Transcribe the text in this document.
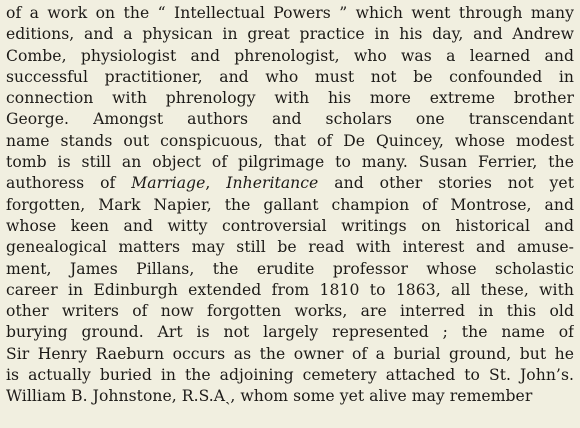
of a work on the “ Intellectual Powers ” which went through many
editions, and a physican in great practice in his day, and Andrew
Combe, physiologist and phrenologist, who was a learned and
successful practitioner, and who must not be confounded in
connection with phrenology with his more extreme brother
George. Amongst authors and scholars one transcendant
name stands out conspicuous, that of De Quincey, whose modest
tomb is still an object of pilgrimage to many. Susan Ferrier, the
authoress of Marriage, Inheritance and other stories not yet
forgotten, Mark Napier, the gallant champion of Montrose, and
whose keen and witty controversial writings on historical and
genealogical matters may still be read with interest and amuse-
ment, James Pillans, the erudite professor whose scholastic
career in Edinburgh extended from 1810 to 1863, all these, with
other writers of now forgotten works, are interred in this old
burying ground. Art is not largely represented ; the name of
Sir Henry Raeburn occurs as the owner of a burial ground, but he
is actually buried in the adjoining cemetery attached to St. John’s.
William B. Johnstone, R.S.Aˎ, whom some yet alive may remember
